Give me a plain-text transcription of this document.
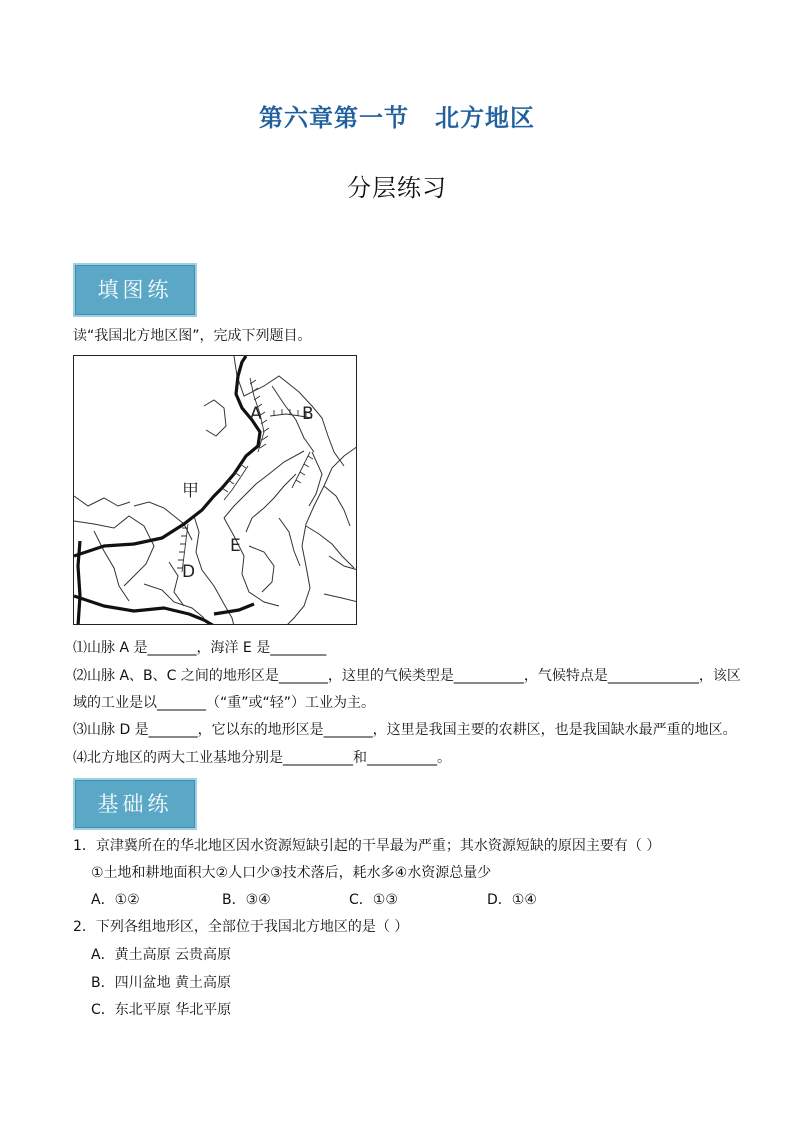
第六章第一节 北方地区
分层练习
填图练
读“我国北方地区图”，完成下列题目。
A B
甲
D
E
⑴山脉 A 是_______，海洋 E 是________
⑵山脉 A、B、C 之间的地形区是_______，这里的气候类型是__________，气候特点是_____________，该区
域的工业是以_______（“重”或“轻”）工业为主。
⑶山脉 D 是_______，它以东的地形区是_______，这里是我国主要的农耕区，也是我国缺水最严重的地区。
⑷北方地区的两大工业基地分别是__________和__________。
基础练
1．京津冀所在的华北地区因水资源短缺引起的干旱最为严重；其水资源短缺的原因主要有（ ）
①土地和耕地面积大②人口少③技术落后，耗水多④水资源总量少
A．①②	B．③④	C．①③	D．①④
2．下列各组地形区，全部位于我国北方地区的是（ ）
A．黄土高原 云贵高原
B．四川盆地 黄土高原
C．东北平原 华北平原
